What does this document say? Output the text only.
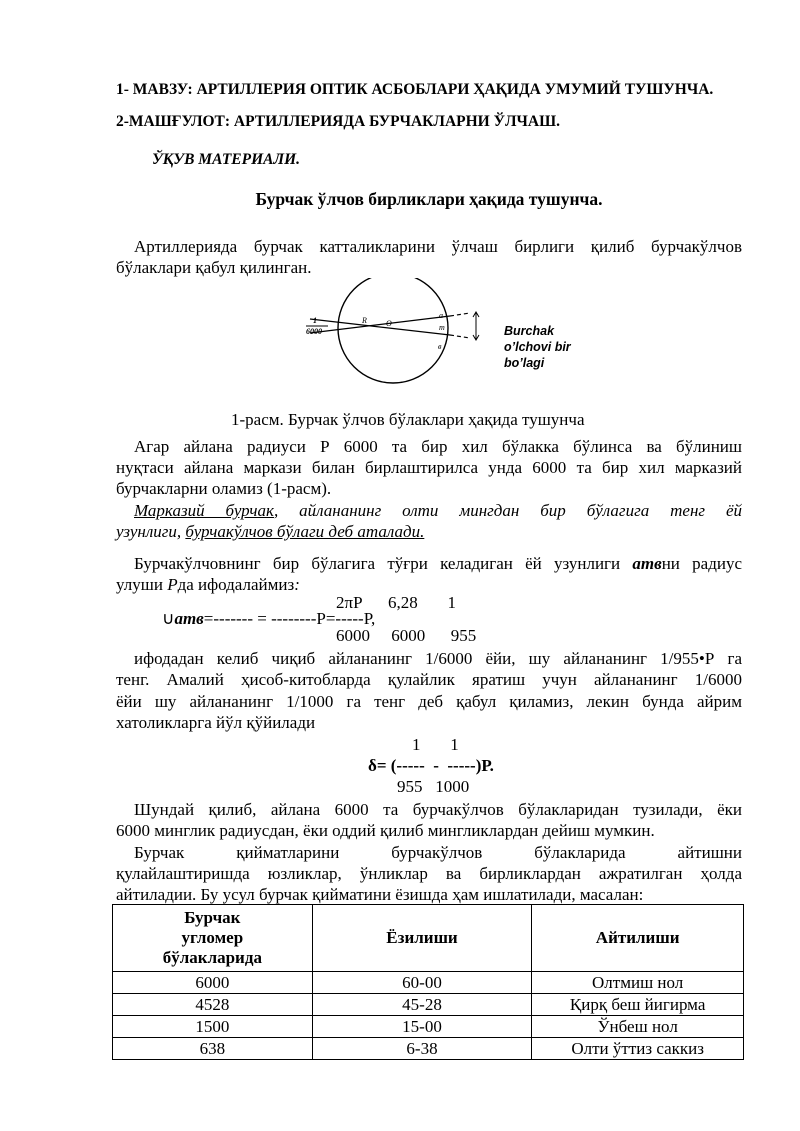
1- МАВЗУ: АРТИЛЛЕРИЯ ОПТИК АСБОБЛАРИ ҲАҚИДА УМУМИЙ ТУШУНЧА.
2-МАШҒУЛОТ: АРТИЛЛЕРИЯДА БУРЧАКЛАРНИ ЎЛЧАШ.
ЎҚУВ МАТЕРИАЛИ.
Бурчак ўлчов бирликлари ҳақида тушунча.
Артиллерияда бурчак катталикларини ўлчаш бирлиги қилиб бурчакўлчов
бўлаклари қабул қилинган.
1
6000
R O
a
m
в
Burchak
o’lchovi bir
bo’lagi
1-расм. Бурчак ўлчов бўлаклари ҳақида тушунча
Агар айлана радиуси Р 6000 та бир хил бўлакка бўлинса ва бўлиниш
нуқтаси айлана маркази билан бирлаштирилса унда 6000 та бир хил марказий
бурчакларни оламиз (1-расм).
Марказий бурчак, айлананинг олти мингдан бир бўлагига тенг ёй
узунлиги, бурчакўлчов бўлаги деб аталади.
Бурчакўлчовнинг бир бўлагига тўғри келадиган ёй узунлиги атвни радиус
улуши Рда ифодалаймиз:
2πР      6,28       1
∪атв=------- = --------Р=-----Р,
6000     6000      955
ифодадан келиб чиқиб айлананинг 1/6000 ёйи, шу айлананинг 1/955•Р га
тенг. Амалий ҳисоб-китобларда қулайлик яратиш учун айлананинг 1/6000
ёйи шу айлананинг 1/1000 га тенг деб қабул қиламиз, лекин бунда айрим
хатоликларга йўл қўйилади
1       1
δ= (-----  -  -----)Р.
955   1000
Шундай қилиб, айлана 6000 та бурчакўлчов бўлакларидан тузилади, ёки
6000 минглик радиусдан, ёки оддий қилиб мингликлардан дейиш мумкин.
Бурчак қийматларини бурчакўлчов бўлакларида айтишни
қулайлаштиришда юзликлар, ўнликлар ва бирликлардан ажратилган ҳолда
айтиладии. Бу усул бурчак қийматини ёзишда ҳам ишлатилади, масалан:
Бурчак
угломер
бўлакларида	Ёзилиши	Айтилиши
6000	60-00	Олтмиш нол
4528	45-28	Қирқ беш йигирма
1500	15-00	Ўнбеш нол
638	6-38	Олти ўттиз саккиз
